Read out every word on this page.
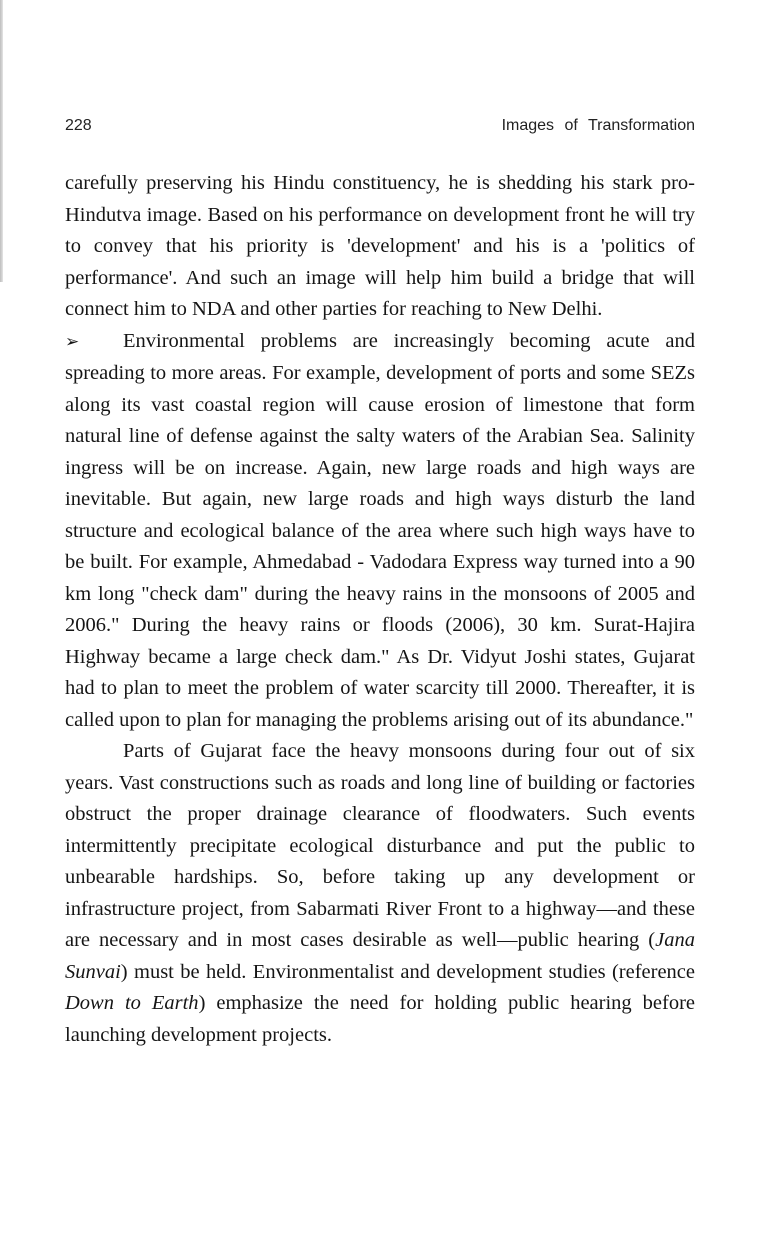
228	Images of Transformation

carefully preserving his Hindu constituency, he is shedding his stark pro-Hindutva image. Based on his performance on development front he will try to convey that his priority is 'development' and his is a 'politics of performance'. And such an image will help him build a bridge that will connect him to NDA and other parties for reaching to New Delhi.

➢ Environmental problems are increasingly becoming acute and spreading to more areas. For example, development of ports and some SEZs along its vast coastal region will cause erosion of limestone that form natural line of defense against the salty waters of the Arabian Sea. Salinity ingress will be on increase. Again, new large roads and high ways are inevitable. But again, new large roads and high ways disturb the land structure and ecological balance of the area where such high ways have to be built. For example, Ahmedabad - Vadodara Express way turned into a 90 km long "check dam" during the heavy rains in the monsoons of 2005 and 2006." During the heavy rains or floods (2006), 30 km. Surat-Hajira Highway became a large check dam." As Dr. Vidyut Joshi states, Gujarat had to plan to meet the problem of water scarcity till 2000. Thereafter, it is called upon to plan for managing the problems arising out of its abundance."

Parts of Gujarat face the heavy monsoons during four out of six years. Vast constructions such as roads and long line of building or factories obstruct the proper drainage clearance of floodwaters. Such events intermittently precipitate ecological disturbance and put the public to unbearable hardships. So, before taking up any development or infrastructure project, from Sabarmati River Front to a highway—and these are necessary and in most cases desirable as well—public hearing (Jana Sunvai) must be held. Environmentalist and development studies (reference Down to Earth) emphasize the need for holding public hearing before launching development projects.
